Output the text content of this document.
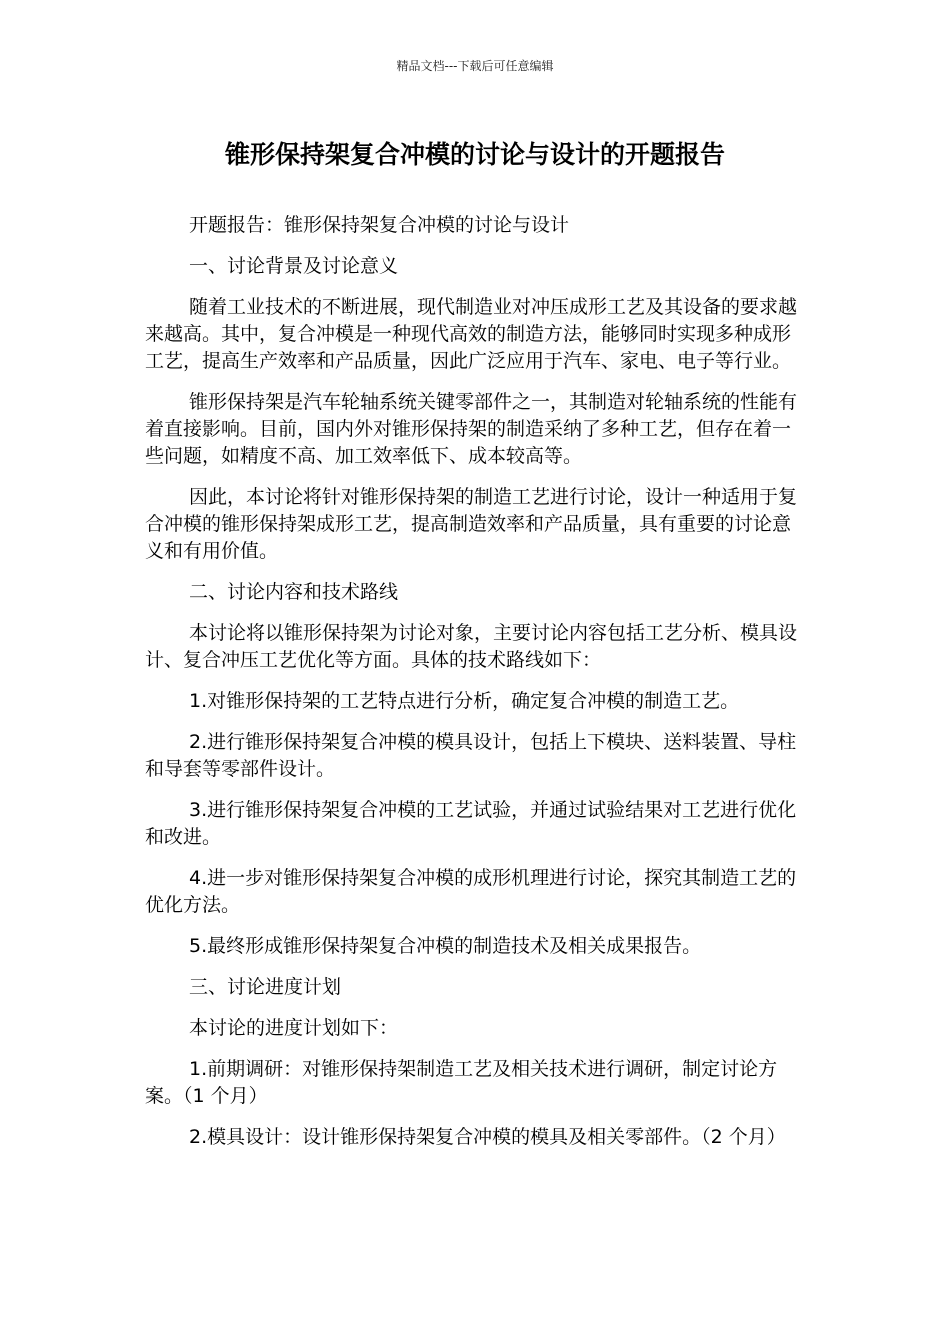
精品文档---下载后可任意编辑
锥形保持架复合冲模的讨论与设计的开题报告

开题报告：锥形保持架复合冲模的讨论与设计

一、讨论背景及讨论意义

随着工业技术的不断进展，现代制造业对冲压成形工艺及其设备的要求越来越高。其中，复合冲模是一种现代高效的制造方法，能够同时实现多种成形工艺，提高生产效率和产品质量，因此广泛应用于汽车、家电、电子等行业。

锥形保持架是汽车轮轴系统关键零部件之一，其制造对轮轴系统的性能有着直接影响。目前，国内外对锥形保持架的制造采纳了多种工艺，但存在着一些问题，如精度不高、加工效率低下、成本较高等。

因此，本讨论将针对锥形保持架的制造工艺进行讨论，设计一种适用于复合冲模的锥形保持架成形工艺，提高制造效率和产品质量，具有重要的讨论意义和有用价值。

二、讨论内容和技术路线

本讨论将以锥形保持架为讨论对象，主要讨论内容包括工艺分析、模具设计、复合冲压工艺优化等方面。具体的技术路线如下：

1.对锥形保持架的工艺特点进行分析，确定复合冲模的制造工艺。

2.进行锥形保持架复合冲模的模具设计，包括上下模块、送料装置、导柱和导套等零部件设计。

3.进行锥形保持架复合冲模的工艺试验，并通过试验结果对工艺进行优化和改进。

4.进一步对锥形保持架复合冲模的成形机理进行讨论，探究其制造工艺的优化方法。

5.最终形成锥形保持架复合冲模的制造技术及相关成果报告。

三、讨论进度计划

本讨论的进度计划如下：

1.前期调研：对锥形保持架制造工艺及相关技术进行调研，制定讨论方案。（1 个月）

2.模具设计：设计锥形保持架复合冲模的模具及相关零部件。（2 个月）
